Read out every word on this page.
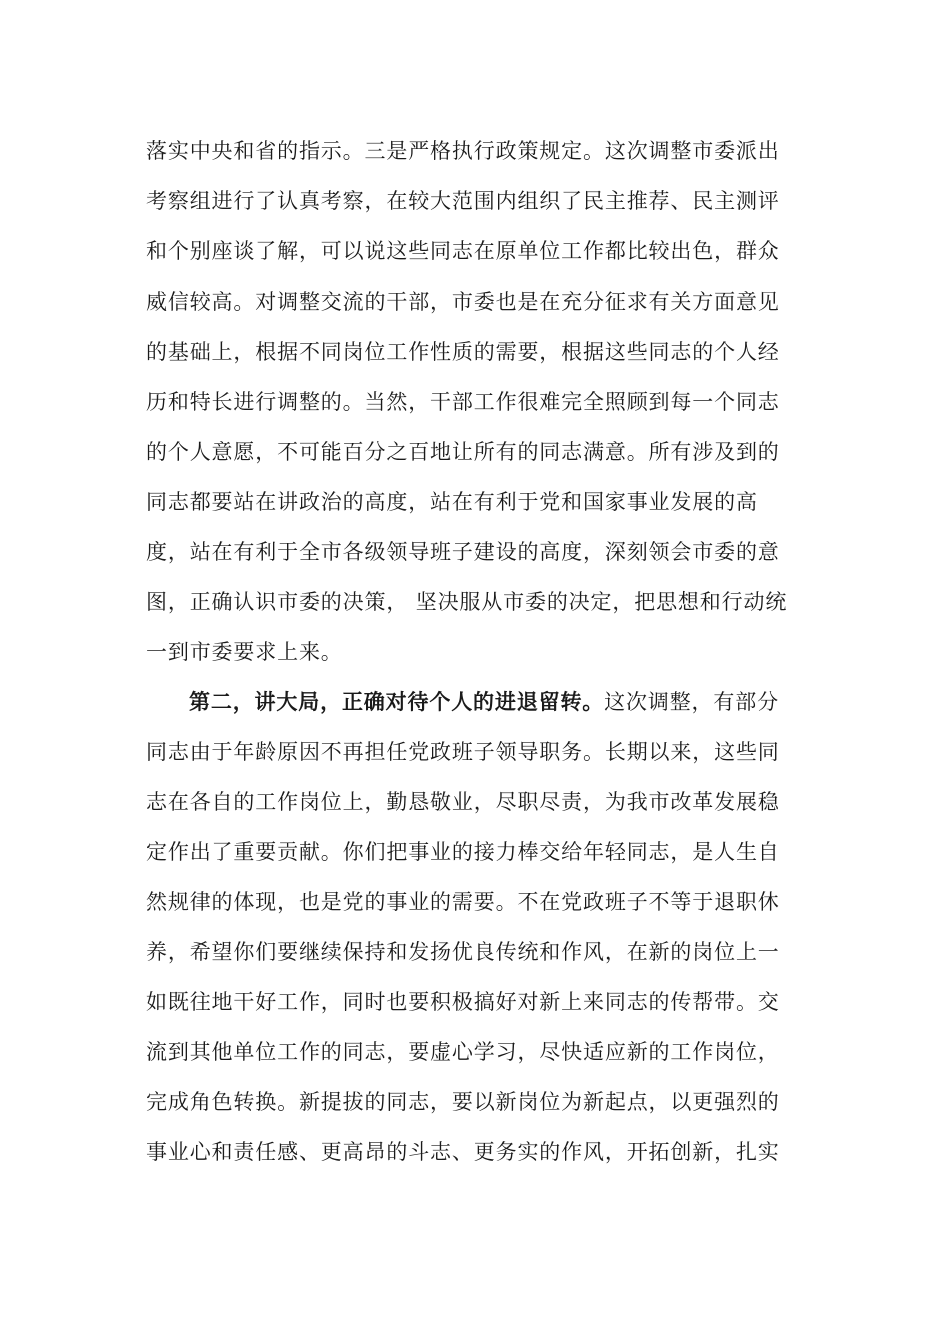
落实中央和省的指示。三是严格执行政策规定。这次调整市委派出
考察组进行了认真考察，在较大范围内组织了民主推荐、民主测评
和个别座谈了解，可以说这些同志在原单位工作都比较出色，群众
威信较高。对调整交流的干部，市委也是在充分征求有关方面意见
的基础上，根据不同岗位工作性质的需要，根据这些同志的个人经
历和特长进行调整的。当然，干部工作很难完全照顾到每一个同志
的个人意愿，不可能百分之百地让所有的同志满意。所有涉及到的
同志都要站在讲政治的高度，站在有利于党和国家事业发展的高
度，站在有利于全市各级领导班子建设的高度，深刻领会市委的意
图，正确认识市委的决策， 坚决服从市委的决定，把思想和行动统
一到市委要求上来。
第二，讲大局，正确对待个人的进退留转。这次调整，有部分
同志由于年龄原因不再担任党政班子领导职务。长期以来，这些同
志在各自的工作岗位上，勤恳敬业，尽职尽责，为我市改革发展稳
定作出了重要贡献。你们把事业的接力棒交给年轻同志，是人生自
然规律的体现，也是党的事业的需要。不在党政班子不等于退职休
养，希望你们要继续保持和发扬优良传统和作风，在新的岗位上一
如既往地干好工作，同时也要积极搞好对新上来同志的传帮带。交
流到其他单位工作的同志，要虚心学习，尽快适应新的工作岗位，
完成角色转换。新提拔的同志，要以新岗位为新起点，以更强烈的
事业心和责任感、更高昂的斗志、更务实的作风，开拓创新，扎实
